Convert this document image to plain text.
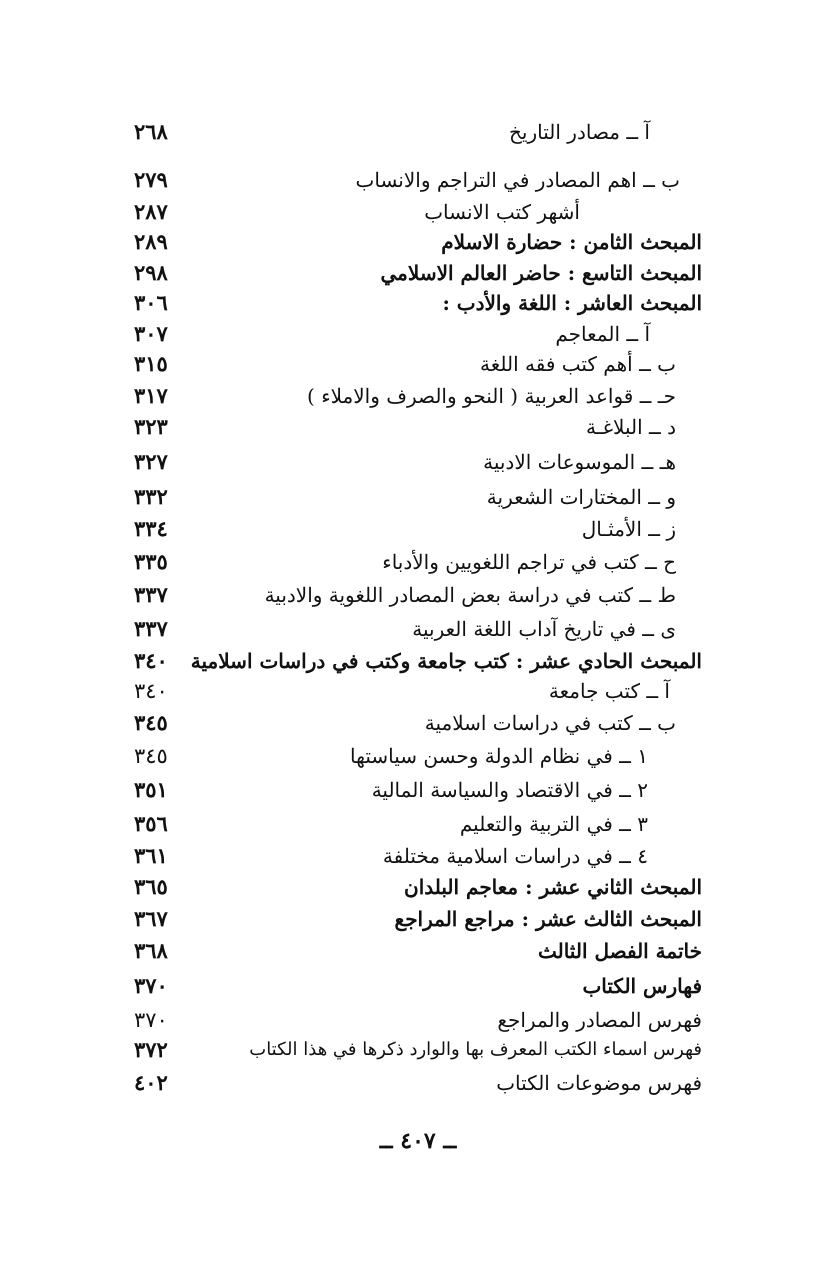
آ ــ مصادر التاريخ
٢٦٨
ب ــ اهم المصادر في التراجم والانساب
٢٧٩
أشهر كتب الانساب
٢٨٧
المبحث الثامن : حضارة الاسلام
٢٨٩
المبحث التاسع : حاضر العالم الاسلامي
٢٩٨
المبحث العاشر : اللغة والأدب :
٣٠٦
آ ــ المعاجم
٣٠٧
ب ــ أهم كتب فقه اللغة
٣١٥
حـ ــ قواعد العربية ( النحو والصرف والاملاء )
٣١٧
د ــ البلاغـة
٣٢٣
هـ ــ الموسوعات الادبية
٣٢٧
و ــ المختارات الشعرية
٣٣٢
ز ــ الأمثـال
٣٣٤
ح ــ كتب في تراجم اللغويين والأدباء
٣٣٥
ط ــ كتب في دراسة بعض المصادر اللغوية والادبية
٣٣٧
ى ــ في تاريخ آداب اللغة العربية
٣٣٧
المبحث الحادي عشر : كتب جامعة وكتب في دراسات اسلامية
٣٤٠
آ ــ كتب جامعة
٣٤٠
ب ــ كتب في دراسات اسلامية
٣٤٥
١ ــ في نظام الدولة وحسن سياستها
٣٤٥
٢ ــ في الاقتصاد والسياسة المالية
٣٥١
٣ ــ في التربية والتعليم
٣٥٦
٤ ــ في دراسات اسلامية مختلفة
٣٦١
المبحث الثاني عشر : معاجم البلدان
٣٦٥
المبحث الثالث عشر : مراجع المراجع
٣٦٧
خاتمة الفصل الثالث
٣٦٨
فهارس الكتاب
٣٧٠
فهرس المصادر والمراجع
٣٧٠
فهرس اسماء الكتب المعرف بها والوارد ذكرها في هذا الكتاب
٣٧٢
فهرس موضوعات الكتاب
٤٠٢
ــ ٤٠٧ ــ
